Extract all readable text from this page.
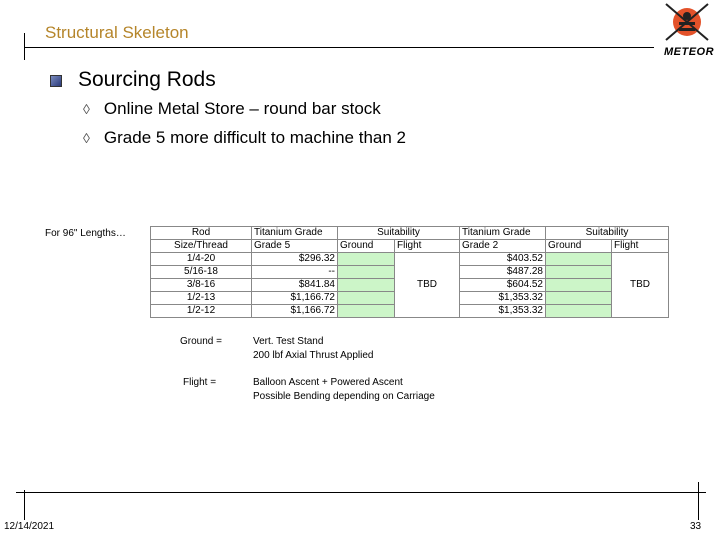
Structural Skeleton
METEOR
Sourcing Rods
◊ Online Metal Store – round bar stock
◊ Grade 5 more difficult to machine than 2
For 96" Lengths…	Rod	Titanium Grade	Suitability		Titanium Grade	Suitability	
Size/Thread	Grade 5	Ground	Flight	Grade 2	Ground	Flight
1/4-20	$296.32		TBD	$403.52		TBD
5/16-18	--			$487.28		
3/8-16	$841.84			$604.52		
1/2-13	$1,166.72			$1,353.32		
1/2-12	$1,166.72			$1,353.32		
Ground =	Vert. Test Stand
200 lbf Axial Thrust Applied
Flight =	Balloon Ascent + Powered Ascent
Possible Bending depending on Carriage
12/14/2021	33
